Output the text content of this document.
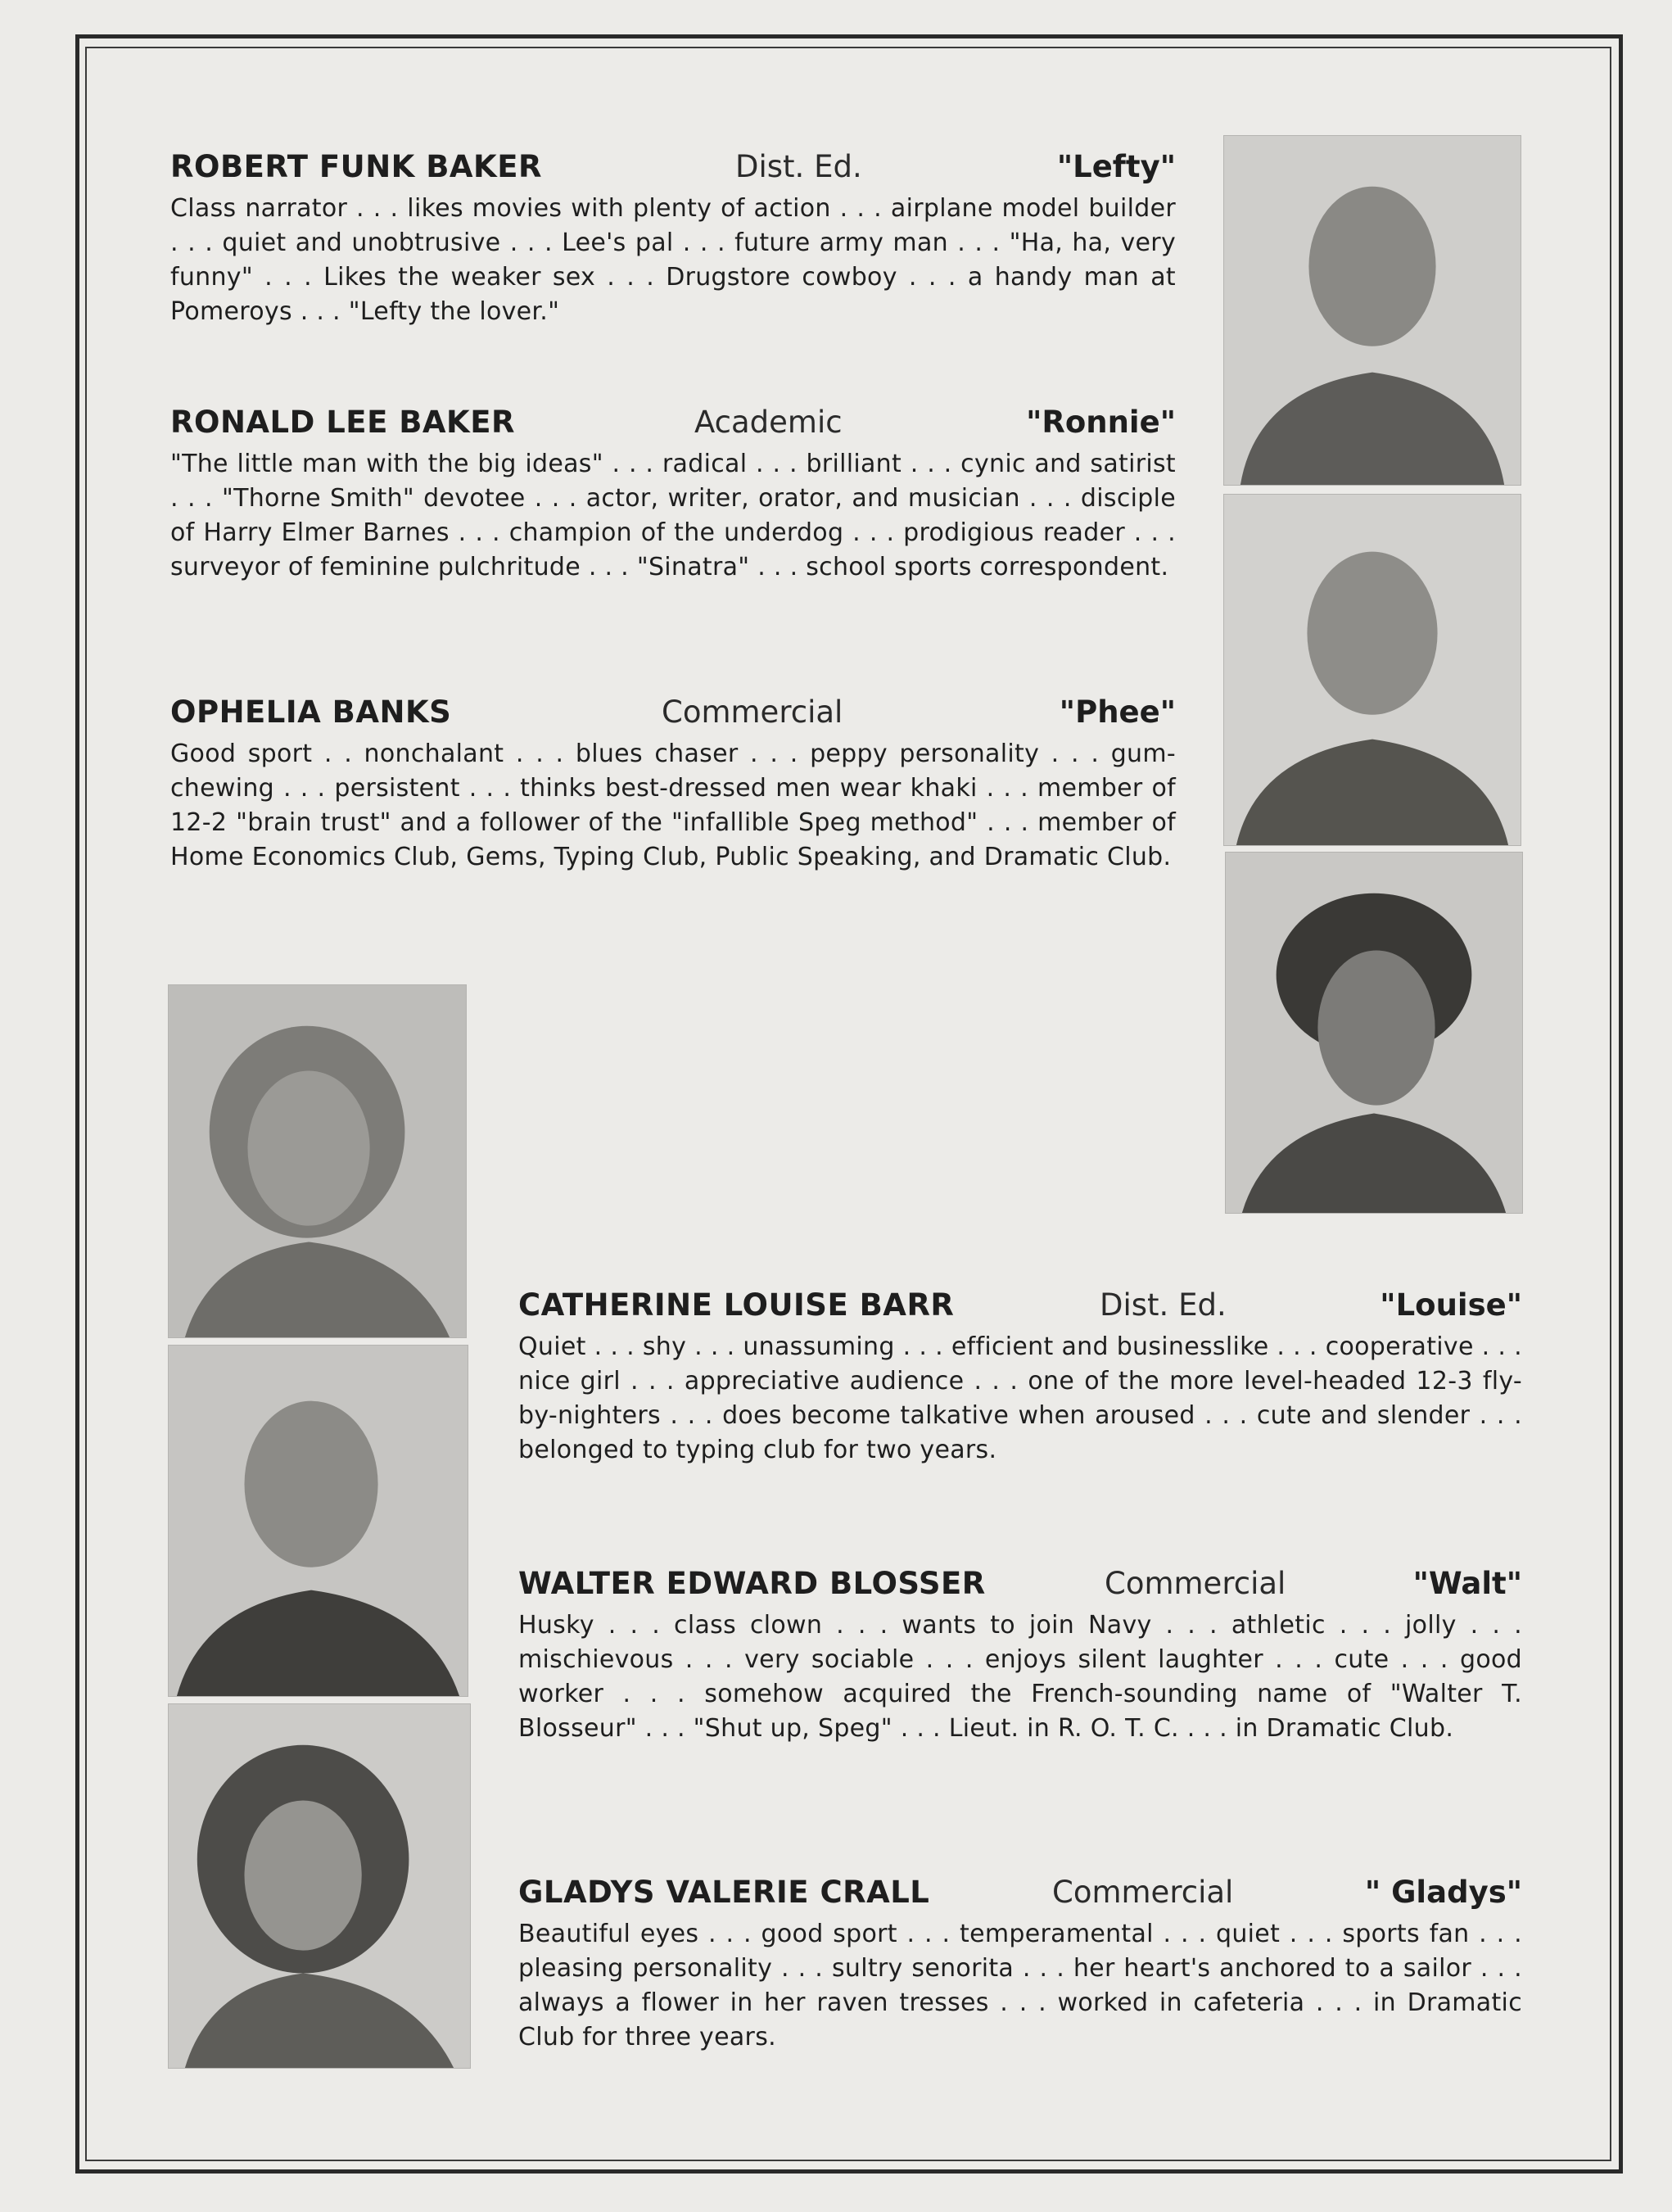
ROBERT FUNK BAKER	Dist. Ed.	"Lefty"

Class narrator . . . likes movies with plenty of action . . . airplane model builder . . . quiet and unobtrusive . . . Lee's pal . . . future army man . . . "Ha, ha, very funny" . . . Likes the weaker sex . . . Drugstore cowboy . . . a handy man at Pomeroys . . . "Lefty the lover."

RONALD LEE BAKER	Academic	"Ronnie"

"The little man with the big ideas" . . . radical . . . brilliant . . . cynic and satirist . . . "Thorne Smith" devotee . . . actor, writer, orator, and musician . . . disciple of Harry Elmer Barnes . . . champion of the underdog . . . prodigious reader . . . surveyor of feminine pulchritude . . . "Sinatra" . . . school sports correspondent.

OPHELIA BANKS	Commercial	"Phee"

Good sport . . nonchalant . . . blues chaser . . . peppy personality . . . gum-chewing . . . persistent . . . thinks best-dressed men wear khaki . . . member of 12-2 "brain trust" and a follower of the "infallible Speg method" . . . member of Home Economics Club, Gems, Typing Club, Public Speaking, and Dramatic Club.

CATHERINE LOUISE BARR	Dist. Ed.	"Louise"

Quiet . . . shy . . . unassuming . . . efficient and businesslike . . . cooperative . . . nice girl . . . appreciative audience . . . one of the more level-headed 12-3 fly-by-nighters . . . does become talkative when aroused . . . cute and slender . . . belonged to typing club for two years.

WALTER EDWARD BLOSSER	Commercial	"Walt"

Husky . . . class clown . . . wants to join Navy . . . athletic . . . jolly . . . mischievous . . . very sociable . . . enjoys silent laughter . . . cute . . . good worker . . . somehow acquired the French-sounding name of "Walter T. Blosseur" . . . "Shut up, Speg" . . . Lieut. in R. O. T. C. . . . in Dramatic Club.

GLADYS VALERIE CRALL	Commercial	" Gladys"

Beautiful eyes . . . good sport . . . temperamental . . . quiet . . . sports fan . . . pleasing personality . . . sultry senorita . . . her heart's anchored to a sailor . . . always a flower in her raven tresses . . . worked in cafeteria . . . in Dramatic Club for three years.
